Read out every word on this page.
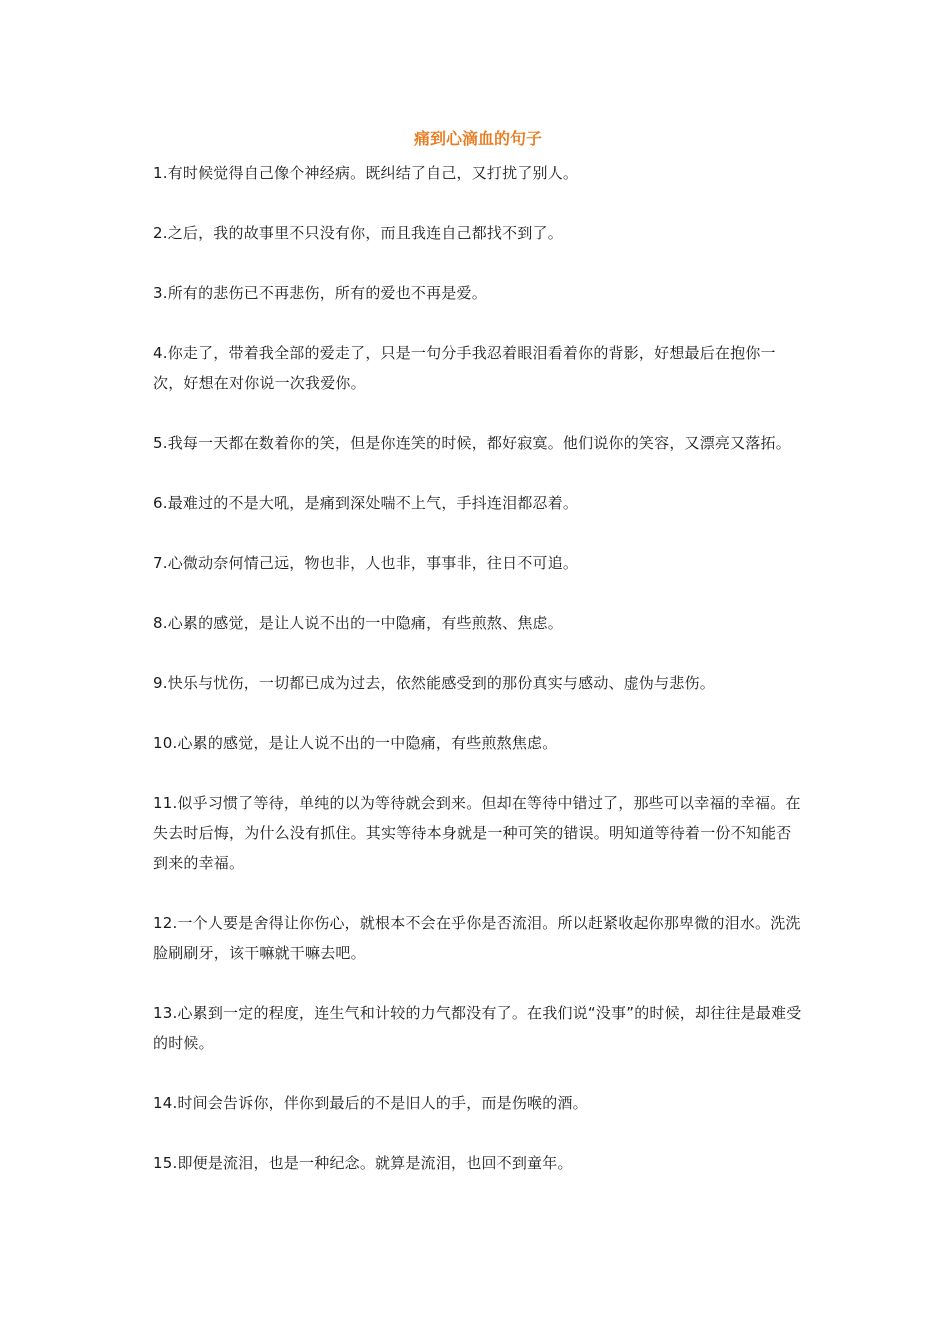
痛到心滴血的句子

1.有时候觉得自己像个神经病。既纠结了自己，又打扰了别人。

2.之后，我的故事里不只没有你，而且我连自己都找不到了。

3.所有的悲伤已不再悲伤，所有的爱也不再是爱。

4.你走了，带着我全部的爱走了，只是一句分手我忍着眼泪看着你的背影，好想最后在抱你一次，好想在对你说一次我爱你。

5.我每一天都在数着你的笑，但是你连笑的时候，都好寂寞。他们说你的笑容，又漂亮又落拓。

6.最难过的不是大吼，是痛到深处喘不上气，手抖连泪都忍着。

7.心微动奈何情己远，物也非，人也非，事事非，往日不可追。

8.心累的感觉，是让人说不出的一中隐痛，有些煎熬、焦虑。

9.快乐与忧伤，一切都已成为过去，依然能感受到的那份真实与感动、虚伪与悲伤。

10.心累的感觉，是让人说不出的一中隐痛，有些煎熬焦虑。

11.似乎习惯了等待，单纯的以为等待就会到来。但却在等待中错过了，那些可以幸福的幸福。在失去时后悔，为什么没有抓住。其实等待本身就是一种可笑的错误。明知道等待着一份不知能否到来的幸福。

12.一个人要是舍得让你伤心，就根本不会在乎你是否流泪。所以赶紧收起你那卑微的泪水。洗洗脸刷刷牙，该干嘛就干嘛去吧。

13.心累到一定的程度，连生气和计较的力气都没有了。在我们说“没事”的时候，却往往是最难受的时候。

14.时间会告诉你，伴你到最后的不是旧人的手，而是伤喉的酒。

15.即便是流泪，也是一种纪念。就算是流泪，也回不到童年。
